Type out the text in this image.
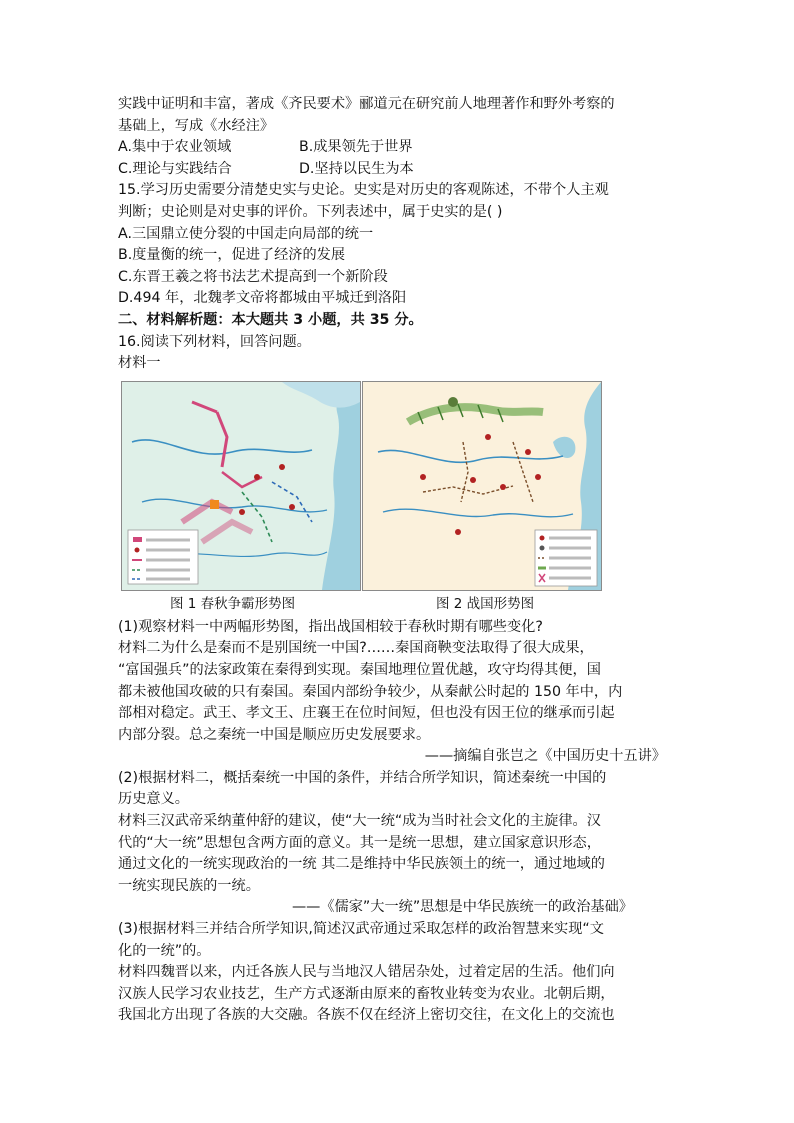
实践中证明和丰富，著成《齐民要术》郦道元在研究前人地理著作和野外考察的
基础上，写成《水经注》
A.集中于农业领域	B.成果领先于世界
C.理论与实践结合	D.坚持以民生为本
15.学习历史需要分清楚史实与史论。史实是对历史的客观陈述，不带个人主观
判断；史论则是对史事的评价。下列表述中，属于史实的是( )
A.三国鼎立使分裂的中国走向局部的统一
B.度量衡的统一，促进了经济的发展
C.东晋王羲之将书法艺术提高到一个新阶段
D.494 年，北魏孝文帝将都城由平城迁到洛阳
二、材料解析题：本大题共 3 小题，共 35 分。
16.阅读下列材料，回答问题。
材料一
图 1 春秋争霸形势图	图 2 战国形势图
(1)观察材料一中两幅形势图，指出战国相较于春秋时期有哪些变化?
材料二为什么是秦而不是别国统一中国?……秦国商鞅变法取得了很大成果，
“富国强兵”的法家政策在秦得到实现。秦国地理位置优越，攻守均得其便，国
都未被他国攻破的只有秦国。秦国内部纷争较少，从秦献公时起的 150 年中，内
部相对稳定。武王、孝文王、庄襄王在位时间短，但也没有因王位的继承而引起
内部分裂。总之秦统一中国是顺应历史发展要求。
——摘编自张岂之《中国历史十五讲》
(2)根据材料二，概括秦统一中国的条件，并结合所学知识，简述秦统一中国的
历史意义。
材料三汉武帝采纳董仲舒的建议，使“大一统“成为当时社会文化的主旋律。汉
代的“大一统”思想包含两方面的意义。其一是统一思想，建立国家意识形态，
通过文化的一统实现政治的一统 其二是维持中华民族领土的统一，通过地域的
一统实现民族的一统。
——《儒家”大一统”思想是中华民族统一的政治基础》
(3)根据材料三并结合所学知识,简述汉武帝通过采取怎样的政治智慧来实现“文
化的一统”的。
材料四魏晋以来，内迁各族人民与当地汉人错居杂处，过着定居的生活。他们向
汉族人民学习农业技艺，生产方式逐渐由原来的畜牧业转变为农业。北朝后期，
我国北方出现了各族的大交融。各族不仅在经济上密切交往，在文化上的交流也
